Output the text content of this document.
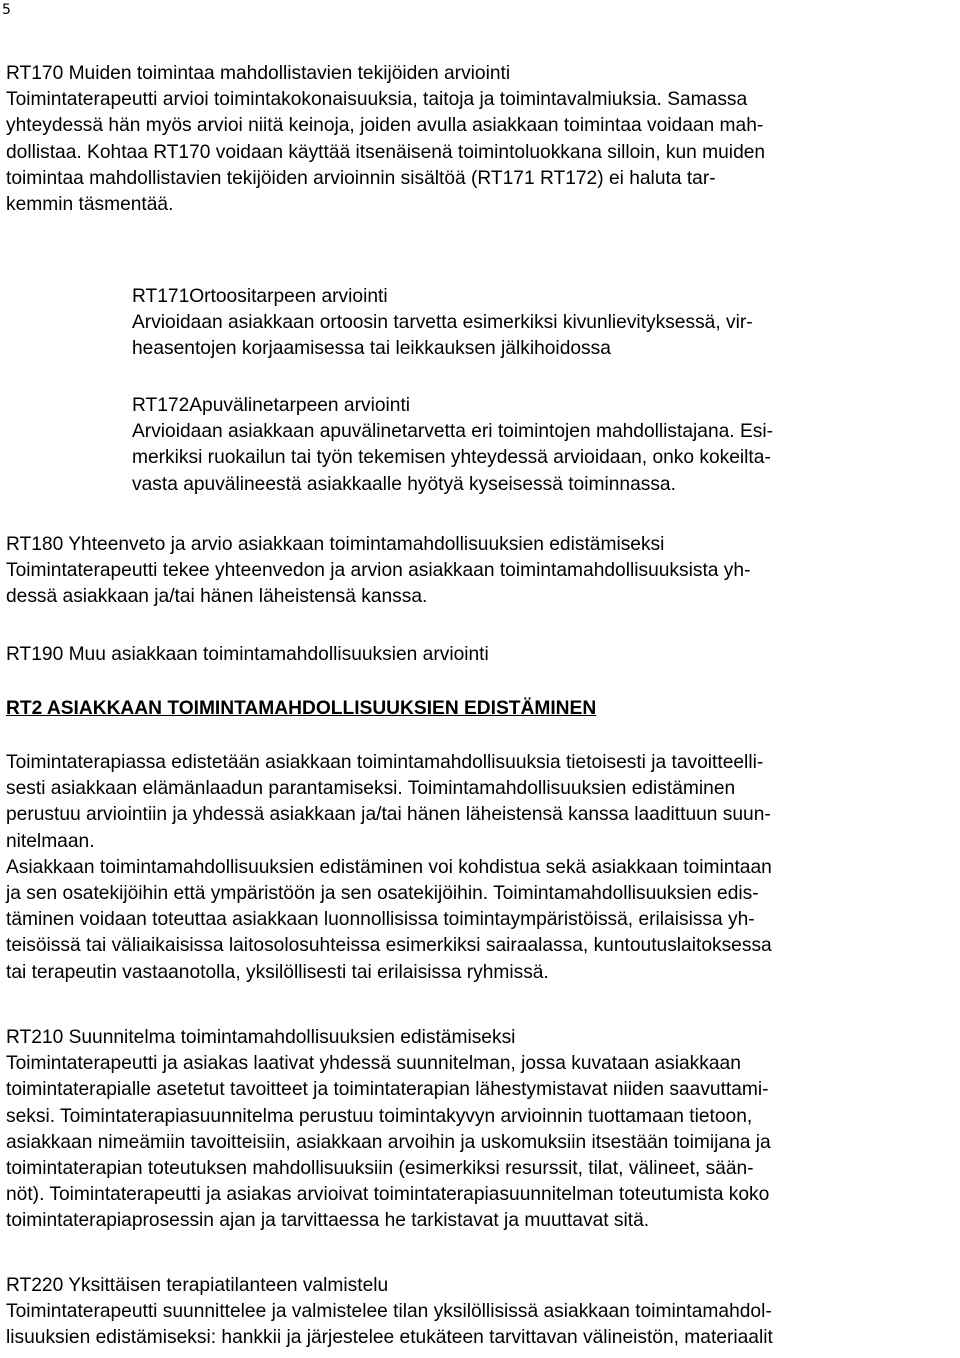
5

RT170 Muiden toimintaa mahdollistavien tekijöiden arviointi

Toimintaterapeutti arvioi toimintakokonaisuuksia, taitoja ja toimintavalmiuksia. Samassa

yhteydessä hän myös arvioi niitä keinoja, joiden avulla asiakkaan toimintaa voidaan mah-

dollistaa. Kohtaa RT170 voidaan käyttää itsenäisenä toimintoluokkana silloin, kun muiden

toimintaa mahdollistavien tekijöiden arvioinnin sisältöä (RT171 RT172) ei haluta tar-

kemmin täsmentää.

RT171Ortoositarpeen arviointi

Arvioidaan asiakkaan ortoosin tarvetta esimerkiksi kivunlievityksessä, vir-

heasentojen korjaamisessa tai leikkauksen jälkihoidossa

RT172Apuvälinetarpeen arviointi

Arvioidaan asiakkaan apuvälinetarvetta eri toimintojen mahdollistajana. Esi-

merkiksi ruokailun tai työn tekemisen yhteydessä arvioidaan, onko kokeilta-

vasta apuvälineestä asiakkaalle hyötyä kyseisessä toiminnassa.

RT180 Yhteenveto ja arvio asiakkaan toimintamahdollisuuksien edistämiseksi

Toimintaterapeutti tekee yhteenvedon ja arvion asiakkaan toimintamahdollisuuksista yh-

dessä asiakkaan ja/tai hänen läheistensä kanssa.

RT190 Muu asiakkaan toimintamahdollisuuksien arviointi

RT2 ASIAKKAAN TOIMINTAMAHDOLLISUUKSIEN EDISTÄMINEN

Toimintaterapiassa edistetään asiakkaan toimintamahdollisuuksia tietoisesti ja tavoitteelli-

sesti asiakkaan elämänlaadun parantamiseksi. Toimintamahdollisuuksien edistäminen

perustuu arviointiin ja yhdessä asiakkaan ja/tai hänen läheistensä kanssa laadittuun suun-

nitelmaan.

Asiakkaan toimintamahdollisuuksien edistäminen voi kohdistua sekä asiakkaan toimintaan

ja sen osatekijöihin että ympäristöön ja sen osatekijöihin. Toimintamahdollisuuksien edis-

täminen voidaan toteuttaa asiakkaan luonnollisissa toimintaympäristöissä, erilaisissa yh-

teisöissä tai väliaikaisissa laitosolosuhteissa esimerkiksi sairaalassa, kuntoutuslaitoksessa

tai terapeutin vastaanotolla, yksilöllisesti tai erilaisissa ryhmissä.

RT210 Suunnitelma toimintamahdollisuuksien edistämiseksi

Toimintaterapeutti ja asiakas laativat yhdessä suunnitelman, jossa kuvataan asiakkaan

toimintaterapialle asetetut tavoitteet ja toimintaterapian lähestymistavat niiden saavuttami-

seksi. Toimintaterapiasuunnitelma perustuu toimintakyvyn arvioinnin tuottamaan tietoon,

asiakkaan nimeämiin tavoitteisiin, asiakkaan arvoihin ja uskomuksiin itsestään toimijana ja

toimintaterapian toteutuksen mahdollisuuksiin (esimerkiksi resurssit, tilat, välineet, sään-

nöt). Toimintaterapeutti ja asiakas arvioivat toimintaterapiasuunnitelman toteutumista koko

toimintaterapiaprosessin ajan ja tarvittaessa he tarkistavat ja muuttavat sitä.

RT220 Yksittäisen terapiatilanteen valmistelu

Toimintaterapeutti suunnittelee ja valmistelee tilan yksilöllisissä asiakkaan toimintamahdol-

lisuuksien edistämiseksi: hankkii ja järjestelee etukäteen tarvittavan välineistön, materiaalit
